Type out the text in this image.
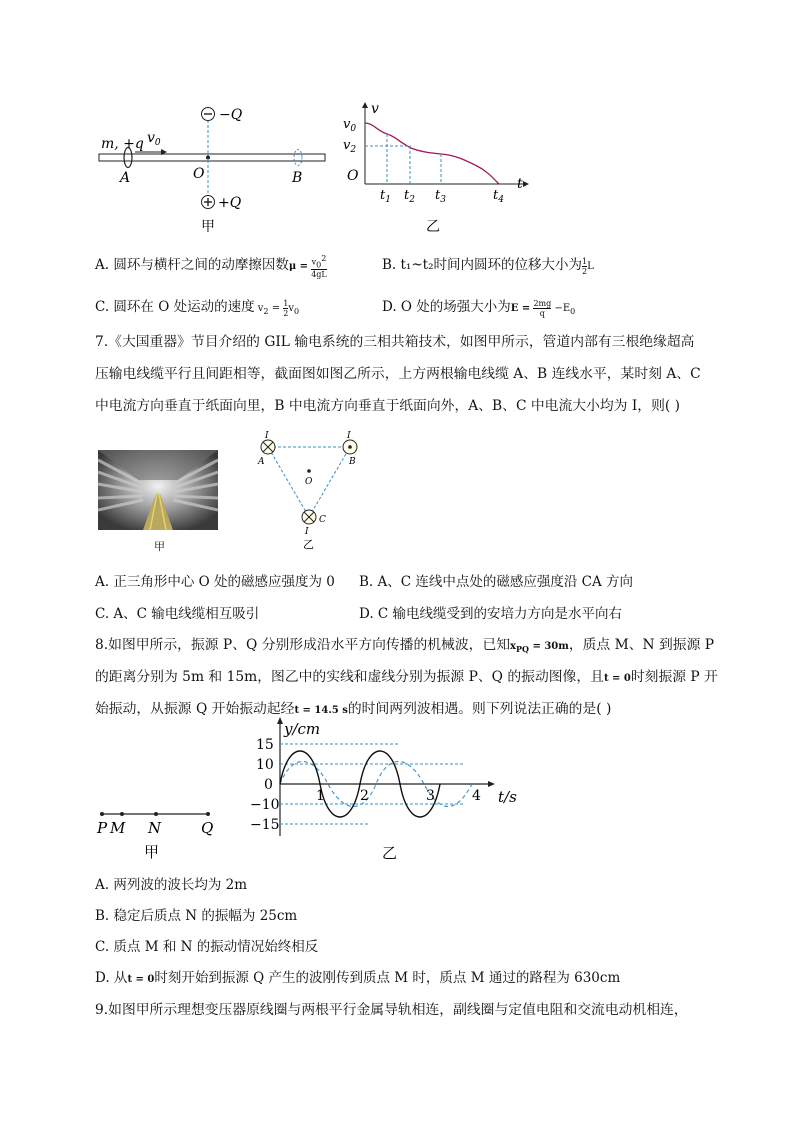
−Q
+Q
m, +q $v_0$
A	O	B
甲
v
t
O
$v_0$
$v_2$
$t_1$ $t_2$ $t_3$	$t_4$
乙
A. 圆环与横杆之间的动摩擦因数$\mu = \frac{v_0^2}{4gL}$	B. t₁~t₂时间内圆环的位移大小为 $\frac{1}{2}$ L
C. 圆环在 O 处运动的速度 $v_2 = \frac{1}{2} v_0$	D. O 处的场强大小为$E = \frac{2mg}{q} -E_0$
7.《大国重器》节目介绍的 GIL 输电系统的三相共箱技术，如图甲所示，管道内部有三根绝缘超高
压输电线缆平行且间距相等，截面图如图乙所示，上方两根输电线缆 A、B 连线水平，某时刻 A、C
中电流方向垂直于纸面向里，B 中电流方向垂直于纸面向外，A、B、C 中电流大小均为 I，则( )
甲
I
A
I
B
C
I
O
乙
A. 正三角形中心 O 处的磁感应强度为 0 B. A、C 连线中点处的磁感应强度沿 CA 方向
C. A、C 输电线缆相互吸引	D. C 输电线缆受到的安培力方向是水平向右
8.如图甲所示，振源 P、Q 分别形成沿水平方向传播的机械波，已知$x_{PQ} = 30m$，质点 M、N 到振源 P
的距离分别为 5m 和 15m，图乙中的实线和虚线分别为振源 P、Q 的振动图像，且t = 0时刻振源 P 开
始振动，从振源 Q 开始振动起经t = 14.5 s的时间两列波相遇。则下列说法正确的是( )
P M N	Q
甲
y/cm
t/s
15
10
0
−10
−15
1	2	3	4
乙
A. 两列波的波长均为 2m
B. 稳定后质点 N 的振幅为 25cm
C. 质点 M 和 N 的振动情况始终相反
D. 从t = 0时刻开始到振源 Q 产生的波刚传到质点 M 时，质点 M 通过的路程为 630cm
9.如图甲所示理想变压器原线圈与两根平行金属导轨相连，副线圈与定值电阻和交流电动机相连，
